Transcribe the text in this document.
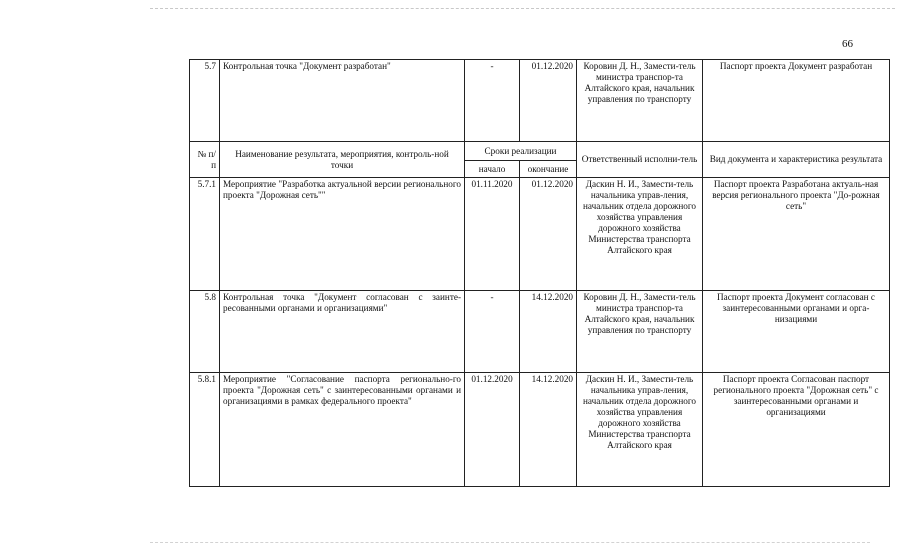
66
5.7	Контрольная точка "Документ разработан"	-	01.12.2020	Коровин Д. Н., Замести-тель министра транспор-та Алтайского края, начальник управления по транспорту	Паспорт проекта Документ разработан
№ п/п	Наименование результата, мероприятия, контроль-ной точки	Сроки реализации		Ответственный исполни-тель	Вид документа и характеристика результата
		начало	окончание		
5.7.1	Мероприятие "Разработка актуальной версии регионального проекта "Дорожная сеть""	01.11.2020	01.12.2020	Даскин Н. И., Замести-тель начальника управ-ления, начальник отдела дорожного хозяйства управления дорожного хозяйства Министерства транспорта Алтайского края	Паспорт проекта Разработана актуаль-ная версия регионального проекта "До-рожная сеть"
5.8	Контрольная точка "Документ согласован с заинте-ресованными органами и организациями"	-	14.12.2020	Коровин Д. Н., Замести-тель министра транспор-та Алтайского края, начальник управления по транспорту	Паспорт проекта Документ согласован с заинтересованными органами и орга-низациями
5.8.1	Мероприятие "Согласование паспорта регионально-го проекта "Дорожная сеть" с заинтересованными органами и организациями в рамках федерального проекта"	01.12.2020	14.12.2020	Даскин Н. И., Замести-тель начальника управ-ления, начальник отдела дорожного хозяйства управления дорожного хозяйства Министерства транспорта Алтайского края	Паспорт проекта Согласован паспорт регионального проекта "Дорожная сеть" с заинтересованными органами и организациями
